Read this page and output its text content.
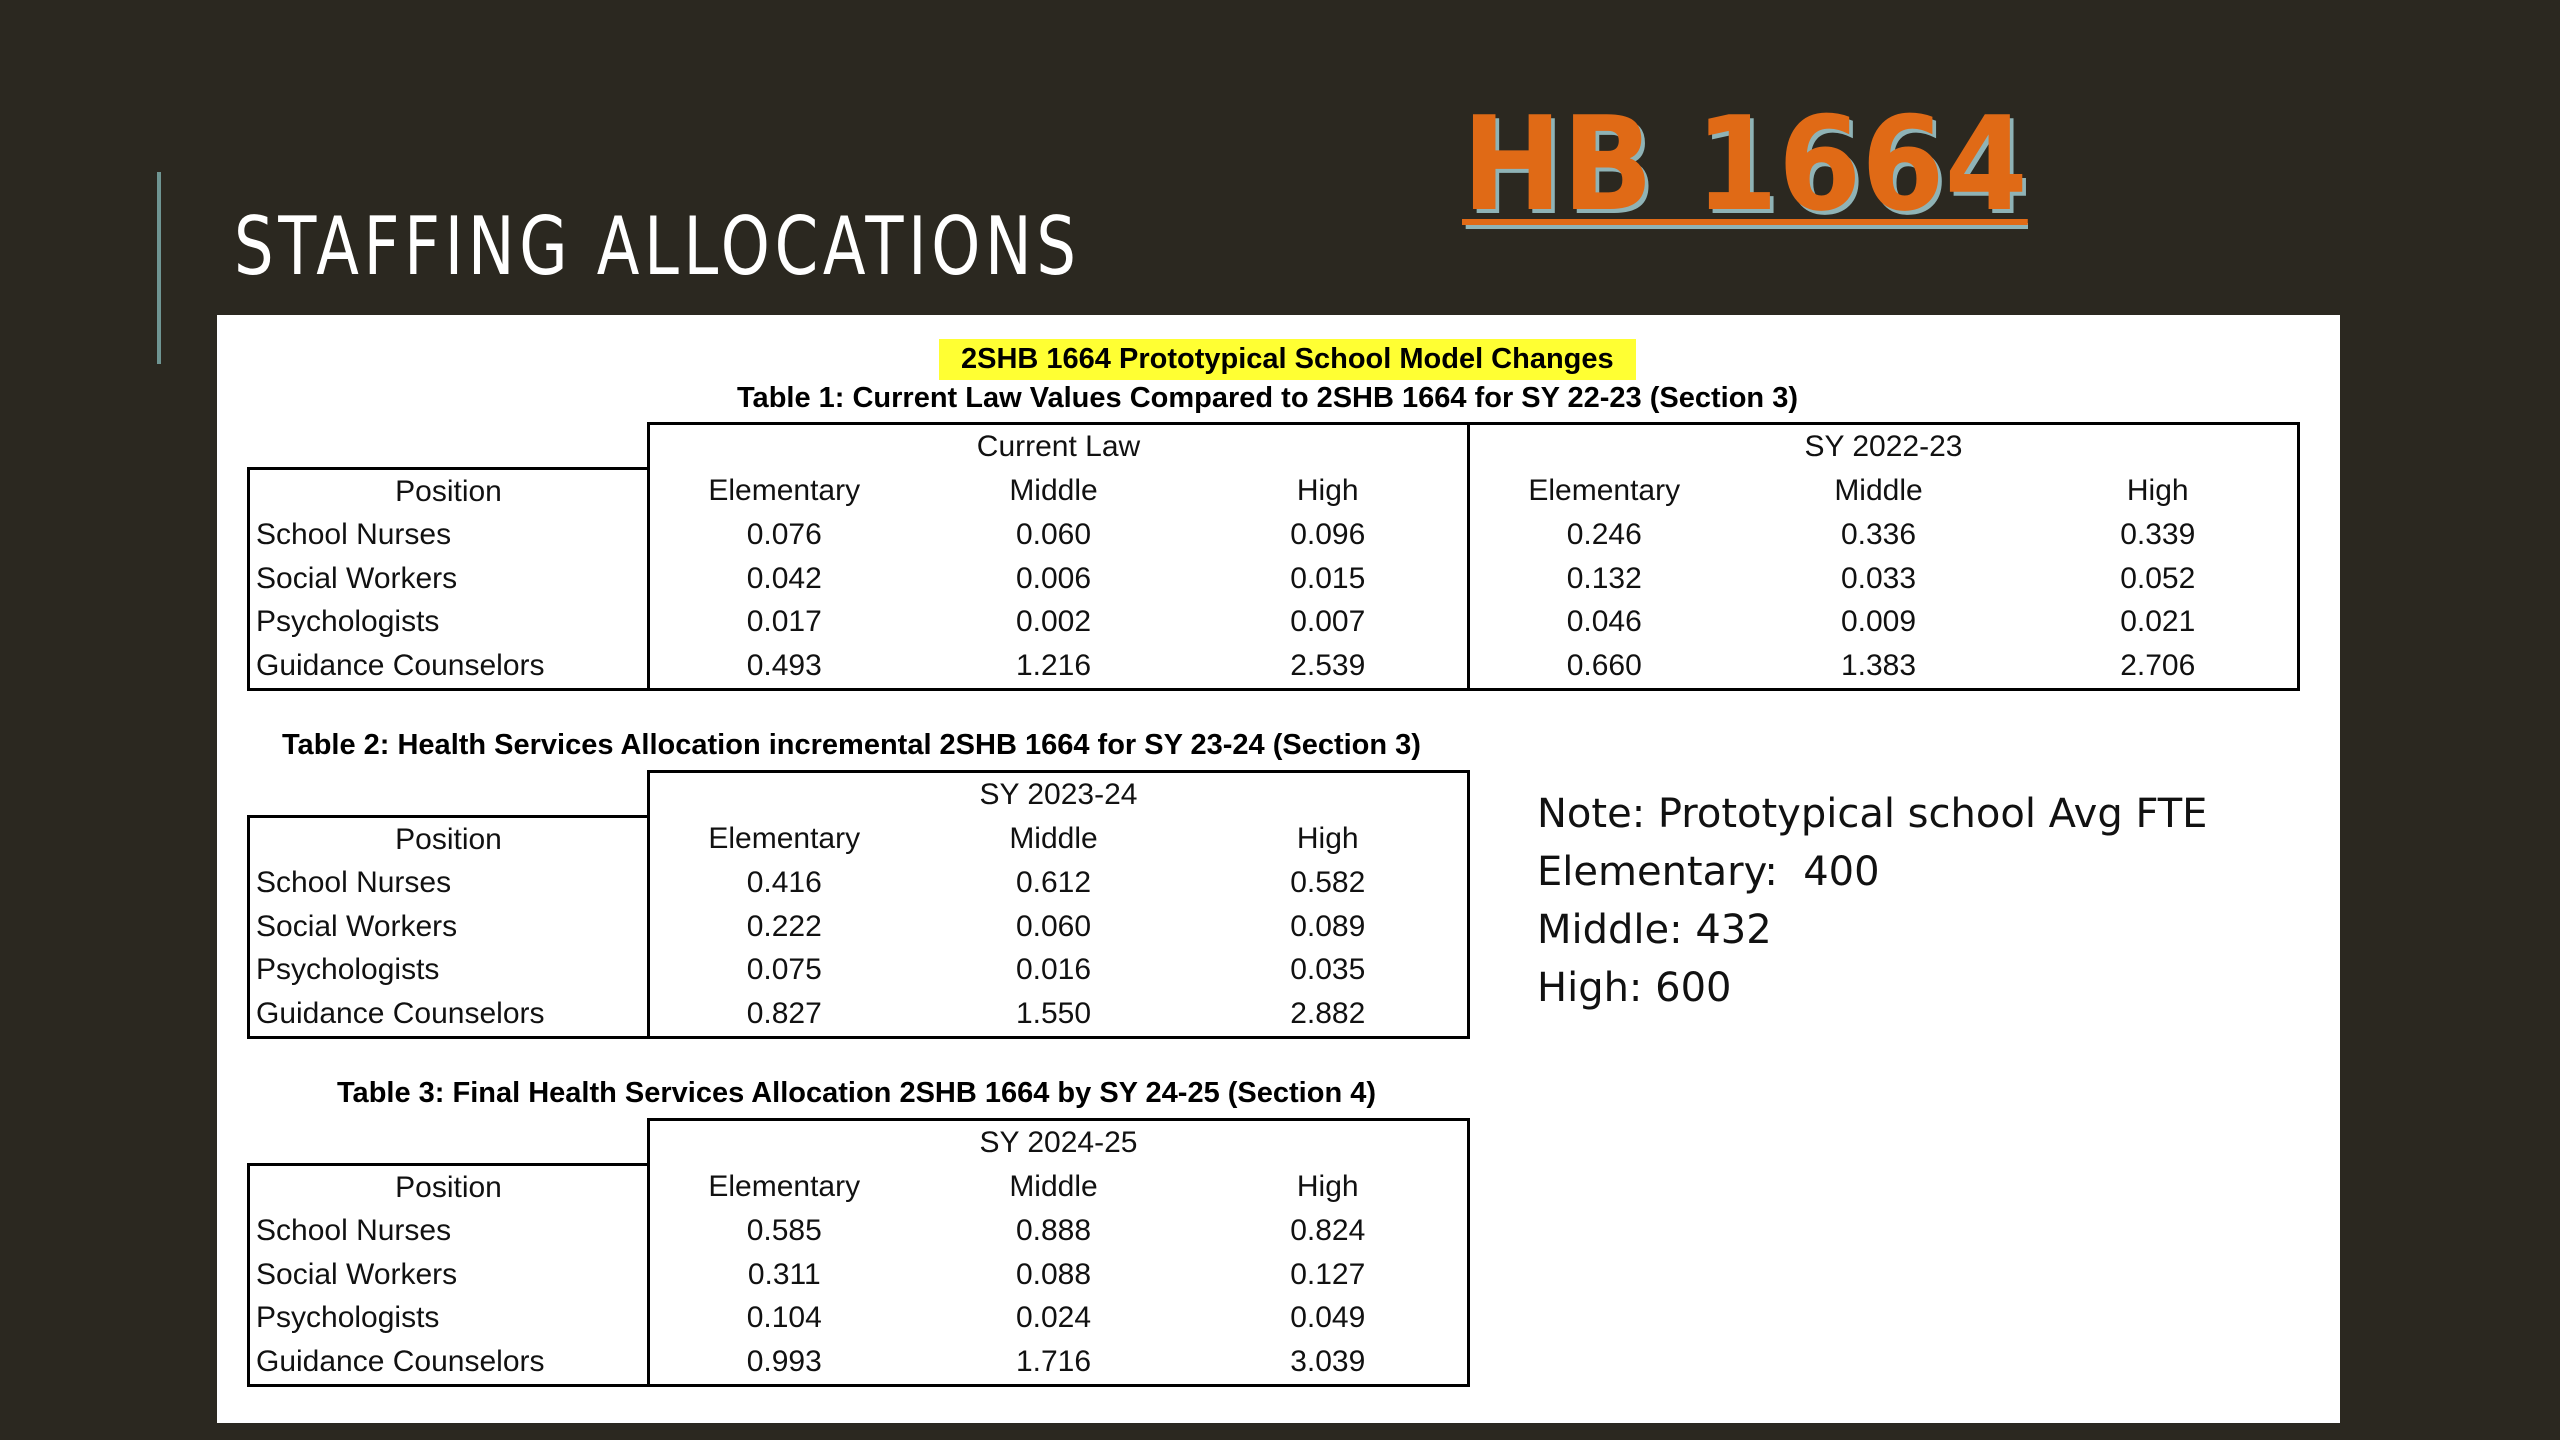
STAFFING ALLOCATIONS
HB 1664
2SHB 1664 Prototypical School Model Changes
Table 1: Current Law Values Compared to 2SHB 1664 for SY 22-23 (Section 3)
	Current Law			SY 2022-23		
Position	Elementary	Middle	High	Elementary	Middle	High
School Nurses	0.076	0.060	0.096	0.246	0.336	0.339
Social Workers	0.042	0.006	0.015	0.132	0.033	0.052
Psychologists	0.017	0.002	0.007	0.046	0.009	0.021
Guidance Counselors	0.493	1.216	2.539	0.660	1.383	2.706
Table 2: Health Services Allocation incremental 2SHB 1664 for SY 23-24 (Section 3)
	SY 2023-24		
Position	Elementary	Middle	High
School Nurses	0.416	0.612	0.582
Social Workers	0.222	0.060	0.089
Psychologists	0.075	0.016	0.035
Guidance Counselors	0.827	1.550	2.882
Table 3: Final Health Services Allocation 2SHB 1664 by SY 24-25 (Section 4)
	SY 2024-25		
Position	Elementary	Middle	High
School Nurses	0.585	0.888	0.824
Social Workers	0.311	0.088	0.127
Psychologists	0.104	0.024	0.049
Guidance Counselors	0.993	1.716	3.039
Note: Prototypical school Avg FTE
Elementary:  400
Middle: 432
High: 600
